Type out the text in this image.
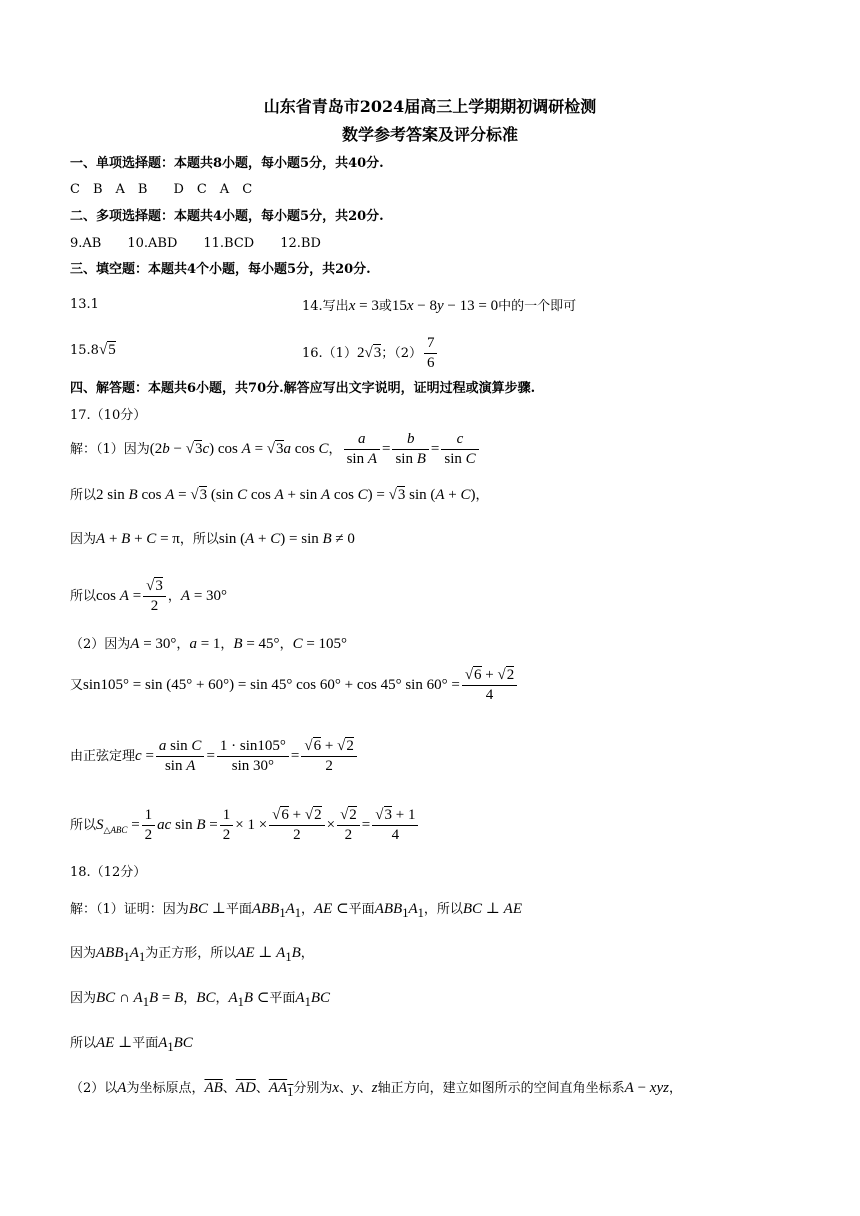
山东省青岛市2024届高三上学期期初调研检测
数学参考答案及评分标准
一、单项选择题：本题共8小题，每小题5分，共40分.
C　B　A　B　　D　C　A　C
二、多项选择题：本题共4小题，每小题5分，共20分.
9.AB　　10.ABD　　11.BCD　　12.BD
三、填空题：本题共4个小题，每小题5分，共20分.
13.1	14.写出x = 3或15x − 8y − 13 = 0中的一个即可
15.8√5	16.（1）2√3；$(2) \frac{7}{6}$
四、解答题：本题共6小题，共70分.解答应写出文字说明，证明过程或演算步骤.
17.（10分）
解：（1）因为(2b − √3c) cos A = √3a cos C， $\frac{a}{\text{sin A}} = \frac{b}{\text{sin B}} = \frac{c}{\text{sin C}}$
所以2 sin B cos A = √3 (sin C cos A + sin A cos C) = √3 sin (A + C)，
因为A + B + C = π，所以sin (A + C) = sin B ≠ 0
所以$\cos A = \frac{√3}{2}$ ，A = 30°
（2）因为A = 30°，a = 1，B = 45°，C = 105°
又sin105° = sin (45° + 60°) = sin 45° cos 60° + cos 45° $\sin 60^\circ = \frac{√6 + √2}{4}$
由正弦定理$c = \frac{\text{a sin C}}{\text{sin A}} = \frac{1 \cdot \sin 105^\circ}{\sin 30^\circ} = \frac{√6 + √2}{2}$
所以$S_{\triangle ABC} = \frac{1}{2}$ ac $\sin B = \frac{1}{2} \times 1 \times \frac{√6 + √2}{2} \times \frac{√2}{2} = \frac{√3 + 1}{4}$
18.（12分）
解：（1）证明：因为BC ⊥平面$ABB_1A_1$，AE ⊂平面$ABB_1A_1$，所以BC ⊥ AE
因为$ABB_1A_1$为正方形，所以AE ⊥ $A_1B$，
因为BC ∩ $A_1B = B$，BC，$A_1B$ ⊂平面$A_1BC$
所以AE ⊥平面$A_1BC$
（2）以A为坐标原点，$\overline{AB}$、$\overline{AD}$、$AA_1$分别为x、y、z轴正方向，建立如图所示的空间直角坐标系A − xyz，
